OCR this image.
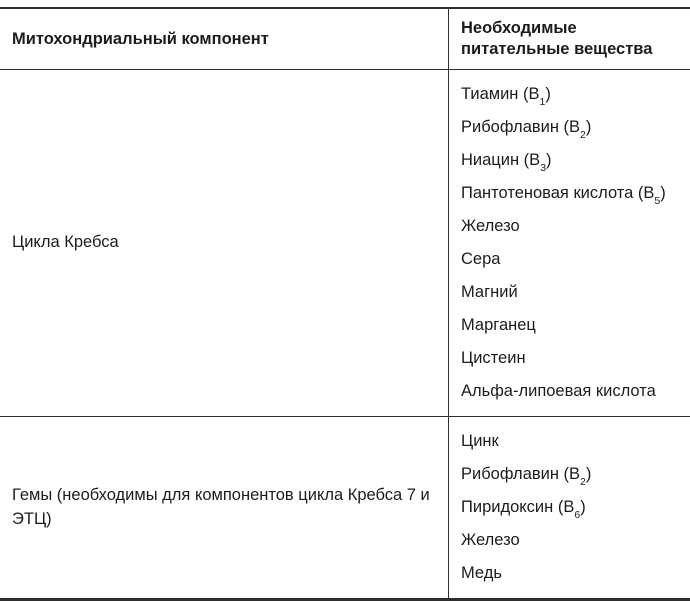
Митохондриальный компонент
Необходимые питательные вещества
Цикла Кребса
Тиамин $(В_1)$
Рибофлавин $(В_2)$
Ниацин $(В_3)$
Пантотеновая кислота $(В_5)$
Железо
Сера
Магний
Марганец
Цистеин
Альфа-липоевая кислота
Гемы (необходимы для компонентов цикла Кребса 7 и ЭТЦ)
Цинк
Рибофлавин $(В_2)$
Пиридоксин $(В_6)$
Железо
Медь
